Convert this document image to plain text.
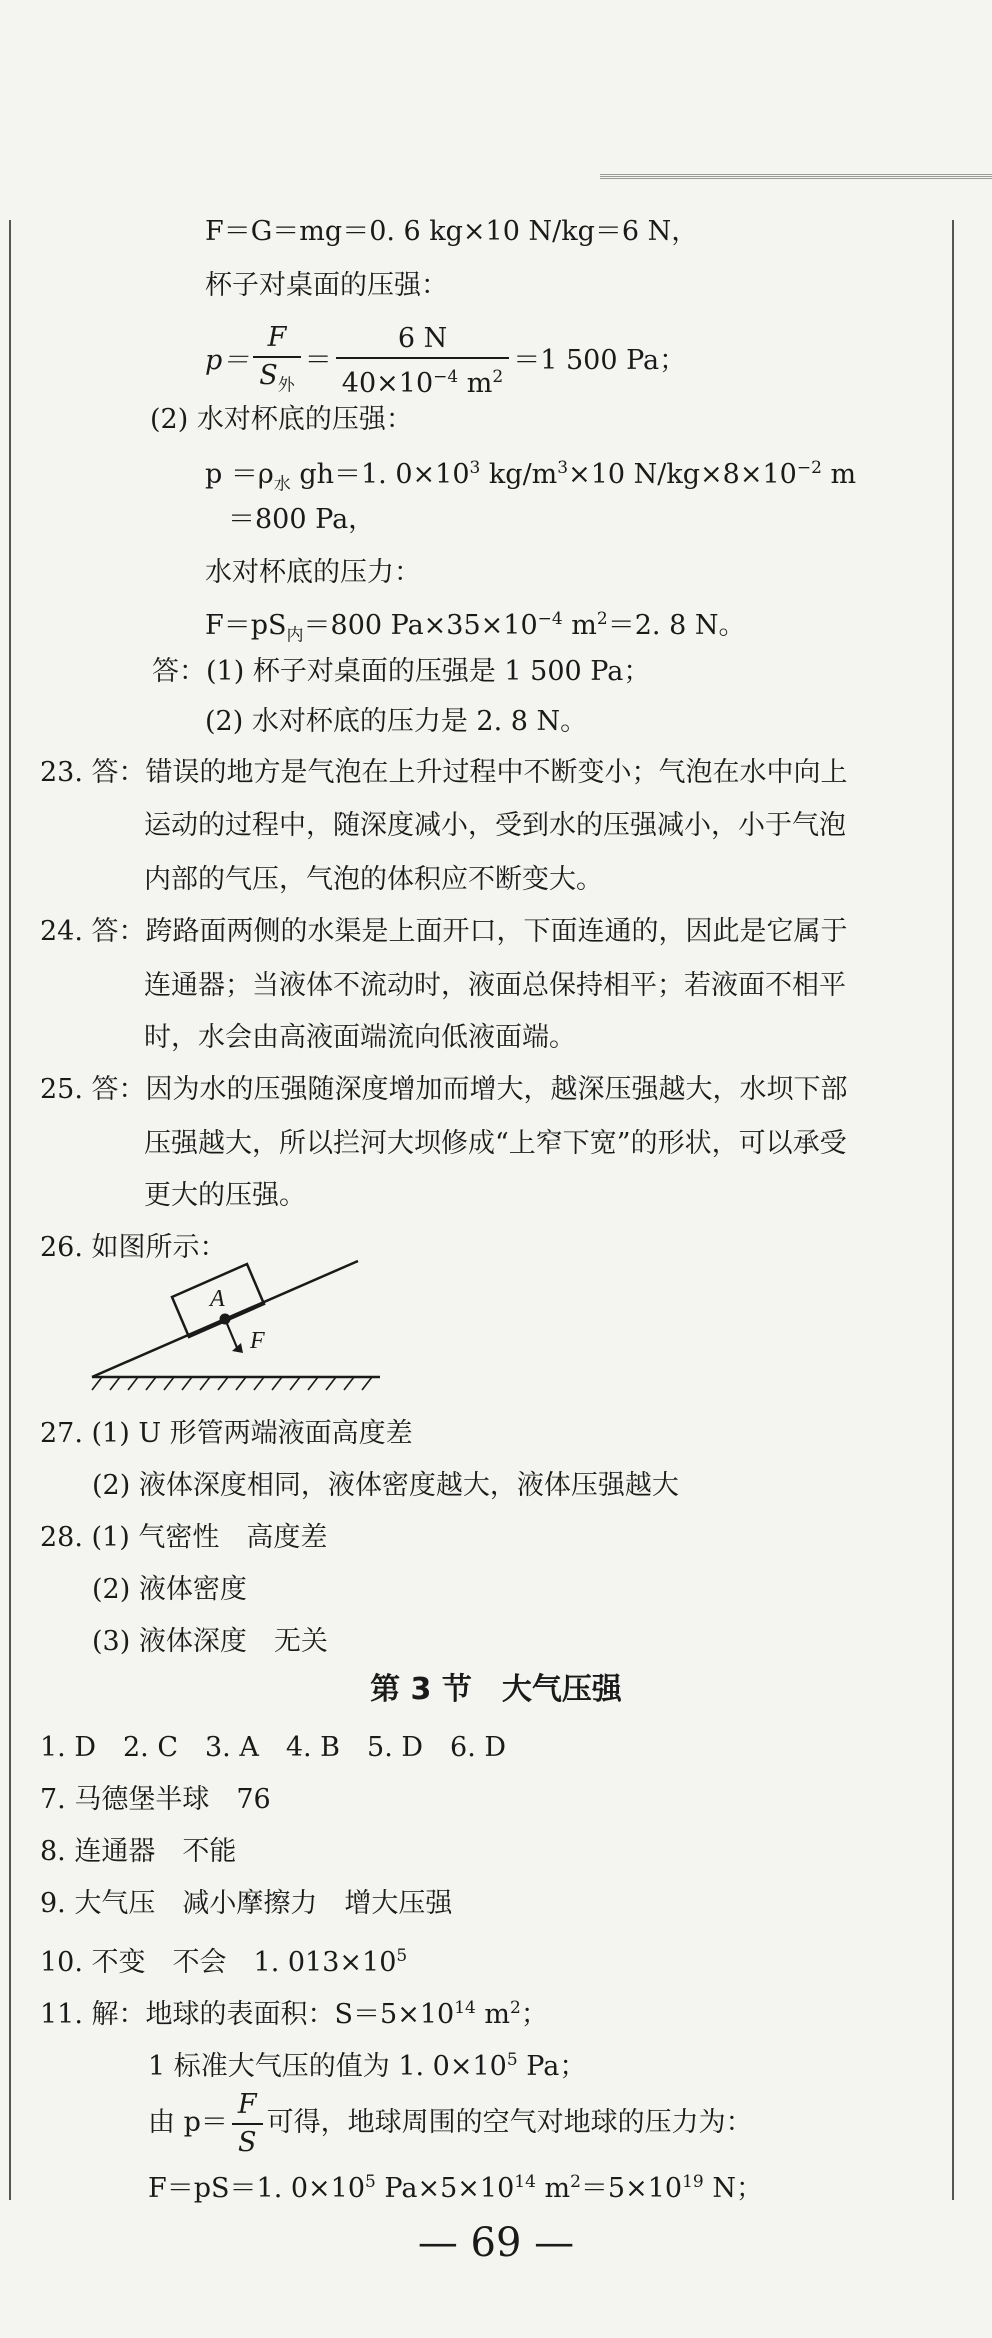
F＝G＝mg＝0. 6 kg×10 N/kg＝6 N，
杯子对桌面的压强：
$p= \frac{F}{S_外} = \frac{6 N}{40\times 10^{-4} m^2} =1$ 500 Pa；
(2) 水对杯底的压强：
$p =\rho_水$ gh＝1. $0\times 10^3$ $kg/m^3\times 10$ $N/kg\times 8\times 10^{-2}$ m
＝800 Pa，
水对杯底的压力：
$F=pS_内=800$ $Pa\times 35\times 10^{-4}$ $m^2=2$. 8 N。
答：(1) 杯子对桌面的压强是 1 500 Pa；
(2) 水对杯底的压力是 2. 8 N。
23. 答：错误的地方是气泡在上升过程中不断变小；气泡在水中向上
运动的过程中，随深度减小，受到水的压强减小，小于气泡
内部的气压，气泡的体积应不断变大。
24. 答：跨路面两侧的水渠是上面开口，下面连通的，因此是它属于
连通器；当液体不流动时，液面总保持相平；若液面不相平
时，水会由高液面端流向低液面端。
25. 答：因为水的压强随深度增加而增大，越深压强越大，水坝下部
压强越大，所以拦河大坝修成“上窄下宽”的形状，可以承受
更大的压强。
26. 如图所示：
A
F
27. (1) U 形管两端液面高度差
(2) 液体深度相同，液体密度越大，液体压强越大
28. (1) 气密性　高度差
(2) 液体密度
(3) 液体深度　无关
第 3 节　大气压强
1. D　2. C　3. A　4. B　5. D　6. D
7. 马德堡半球　76
8. 连通器　不能
9. 大气压　减小摩擦力　增大压强
10. 不变　不会　1. $013\times 10^5$
11. 解：地球的表面积：$S=5\times 10^{14}$ $m^2$；
1 标准大气压的值为 1. $0\times 10^5$ Pa；
由 $p= \frac{F}{S}$ 可得，地球周围的空气对地球的压力为：
F＝pS＝1. $0\times 10^5$ $Pa\times 5\times 10^{14}$ $m^2=5\times 10^{19}$ N；
— 69 —
